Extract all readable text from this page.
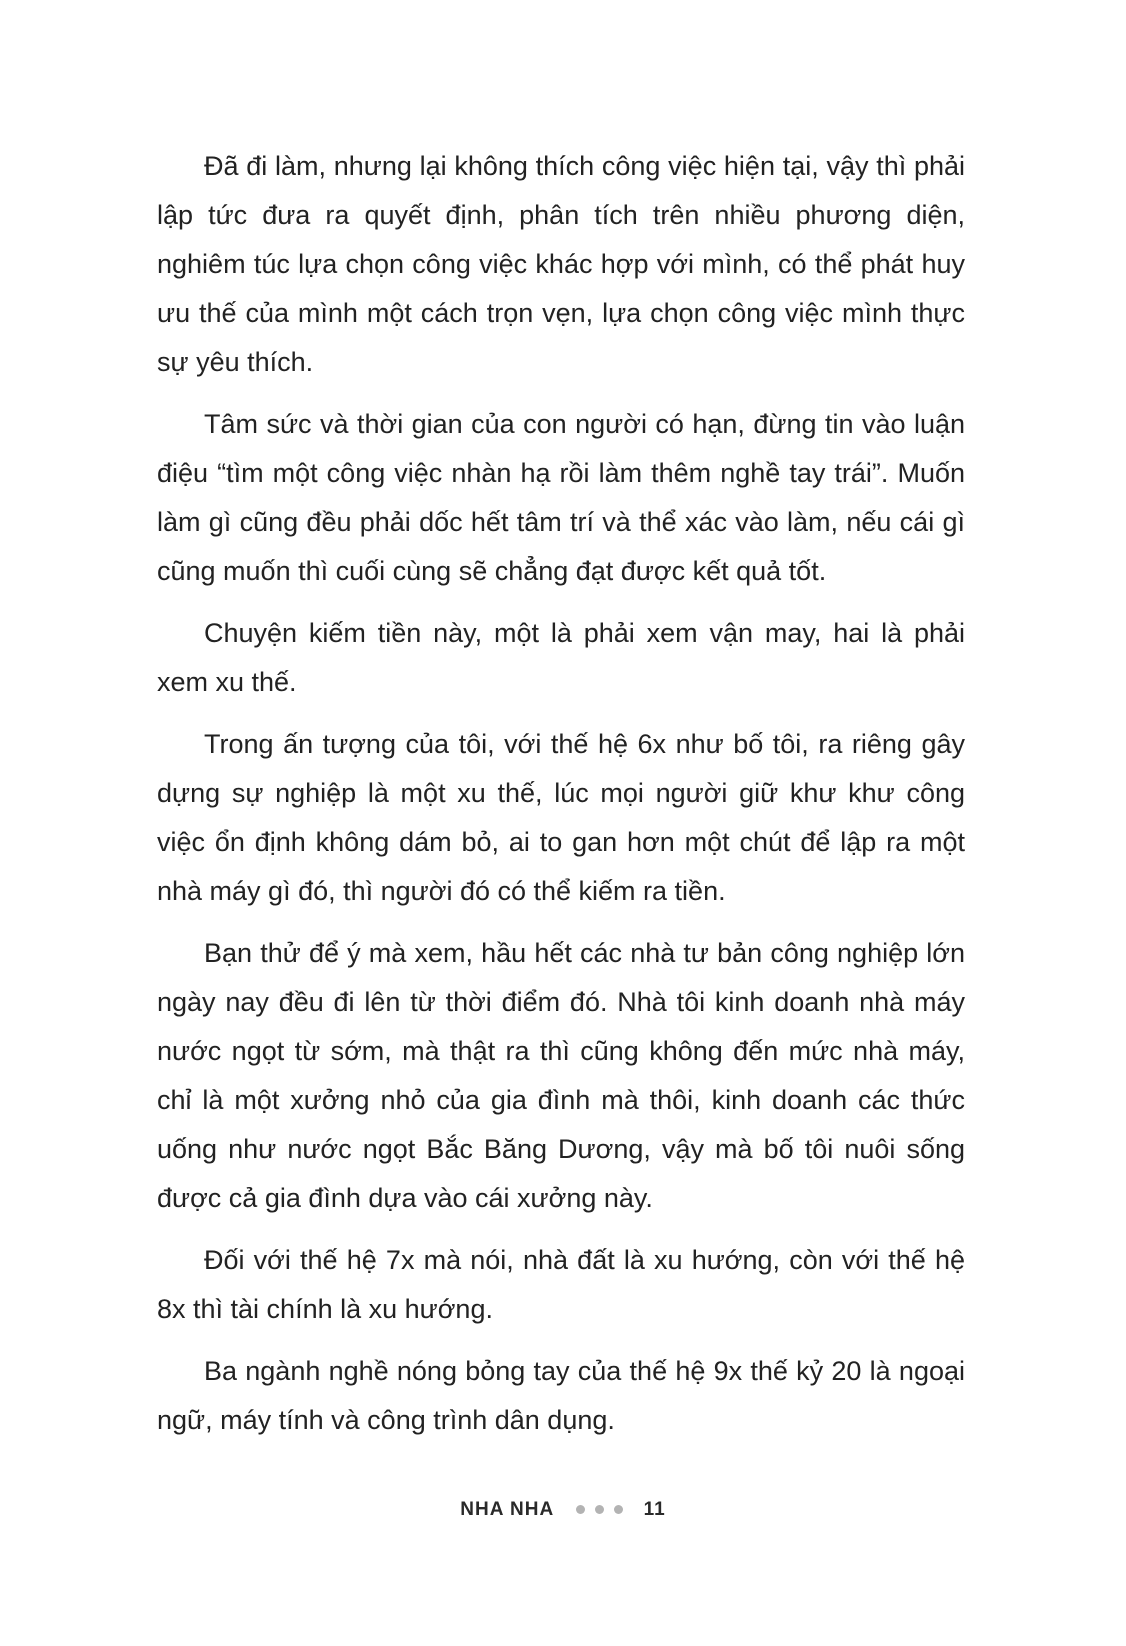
Đã đi làm, nhưng lại không thích công việc hiện tại, vậy thì phải lập tức đưa ra quyết định, phân tích trên nhiều phương diện, nghiêm túc lựa chọn công việc khác hợp với mình, có thể phát huy ưu thế của mình một cách trọn vẹn, lựa chọn công việc mình thực sự yêu thích.

Tâm sức và thời gian của con người có hạn, đừng tin vào luận điệu “tìm một công việc nhàn hạ rồi làm thêm nghề tay trái”. Muốn làm gì cũng đều phải dốc hết tâm trí và thể xác vào làm, nếu cái gì cũng muốn thì cuối cùng sẽ chẳng đạt được kết quả tốt.

Chuyện kiếm tiền này, một là phải xem vận may, hai là phải xem xu thế.

Trong ấn tượng của tôi, với thế hệ 6x như bố tôi, ra riêng gây dựng sự nghiệp là một xu thế, lúc mọi người giữ khư khư công việc ổn định không dám bỏ, ai to gan hơn một chút để lập ra một nhà máy gì đó, thì người đó có thể kiếm ra tiền.

Bạn thử để ý mà xem, hầu hết các nhà tư bản công nghiệp lớn ngày nay đều đi lên từ thời điểm đó. Nhà tôi kinh doanh nhà máy nước ngọt từ sớm, mà thật ra thì cũng không đến mức nhà máy, chỉ là một xưởng nhỏ của gia đình mà thôi, kinh doanh các thức uống như nước ngọt Bắc Băng Dương, vậy mà bố tôi nuôi sống được cả gia đình dựa vào cái xưởng này.

Đối với thế hệ 7x mà nói, nhà đất là xu hướng, còn với thế hệ 8x thì tài chính là xu hướng.

Ba ngành nghề nóng bỏng tay của thế hệ 9x thế kỷ 20 là ngoại ngữ, máy tính và công trình dân dụng.

NHA NHA	11
